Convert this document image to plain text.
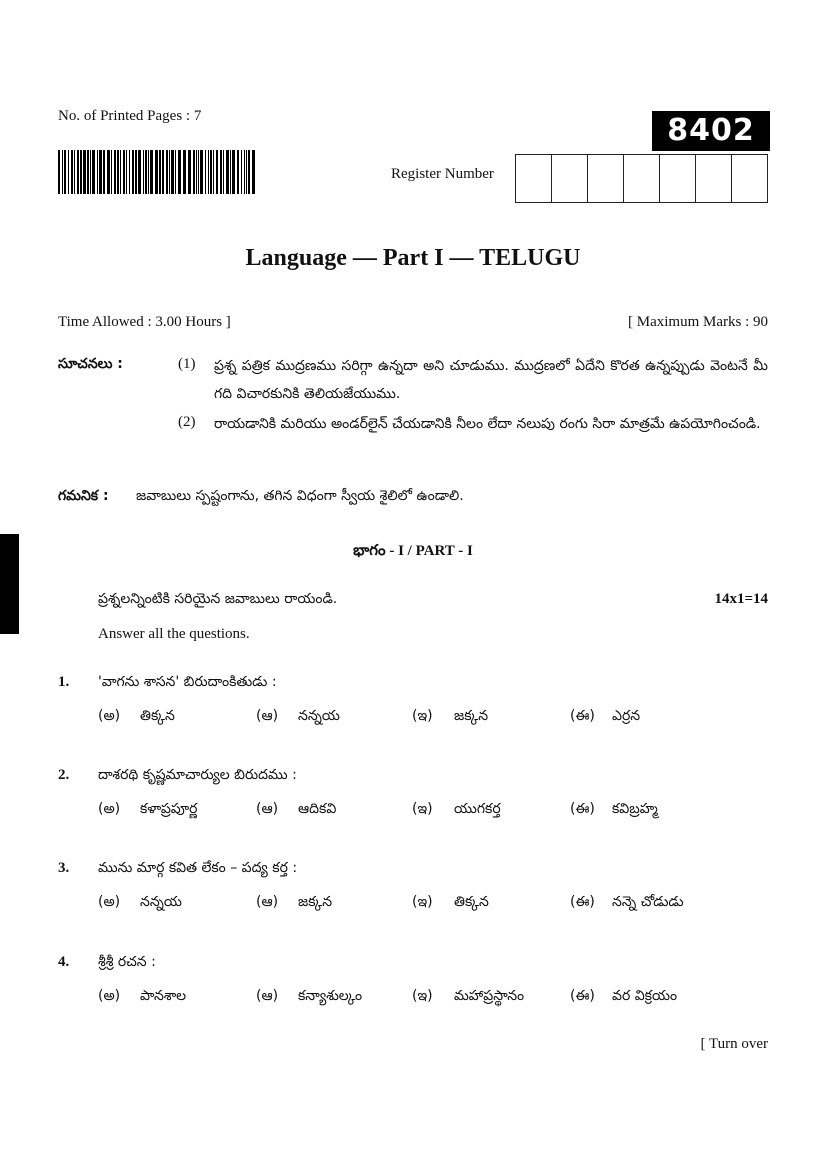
No. of Printed Pages : 7	8402
Register Number
Language — Part I — TELUGU
Time Allowed : 3.00 Hours ]	[ Maximum Marks : 90
సూచనలు :	(1) ప్రశ్న పత్రిక ముద్రణము సరిగ్గా ఉన్నదా అని చూడుము. ముద్రణలో ఏదేని కొరత ఉన్నప్పుడు వెంటనే మీ గది విచారకునికి తెలియజేయుము.
(2) రాయడానికి మరియు అండర్‌లైన్ చేయడానికి నీలం లేదా నలుపు రంగు సిరా మాత్రమే ఉపయోగించండి.
గమనిక : జవాబులు స్పష్టంగాను, తగిన విధంగా స్వీయ శైలిలో ఉండాలి.
భాగం - I / PART - I
ప్రశ్నలన్నింటికి సరియైన జవాబులు రాయండి.	14x1=14
Answer all the questions.
1. 'వాగను శాసన' బిరుదాంకితుడు :
(అ)	తిక్కన	(ఆ)	నన్నయ	(ఇ)	జక్కన	(ఈ) ఎర్రన
2. దాశరథి కృష్ణమాచార్యుల బిరుదము :
(అ)	కళాప్రపూర్ణ	(ఆ)	ఆదికవి	(ఇ)	యుగకర్త	(ఈ) కవిబ్రహ్మ
3. మును మార్గ కవిత లేకం – పద్య కర్త :
(అ)	నన్నయ	(ఆ)	జక్కన	(ఇ)	తిక్కన	(ఈ) నన్నె చోడుడు
4. శ్రీశ్రీ రచన :
(అ)	పానశాల	(ఆ)	కన్యాశుల్కం	(ఇ)	మహాప్రస్థానం	(ఈ) వర విక్రయం
[ Turn over
